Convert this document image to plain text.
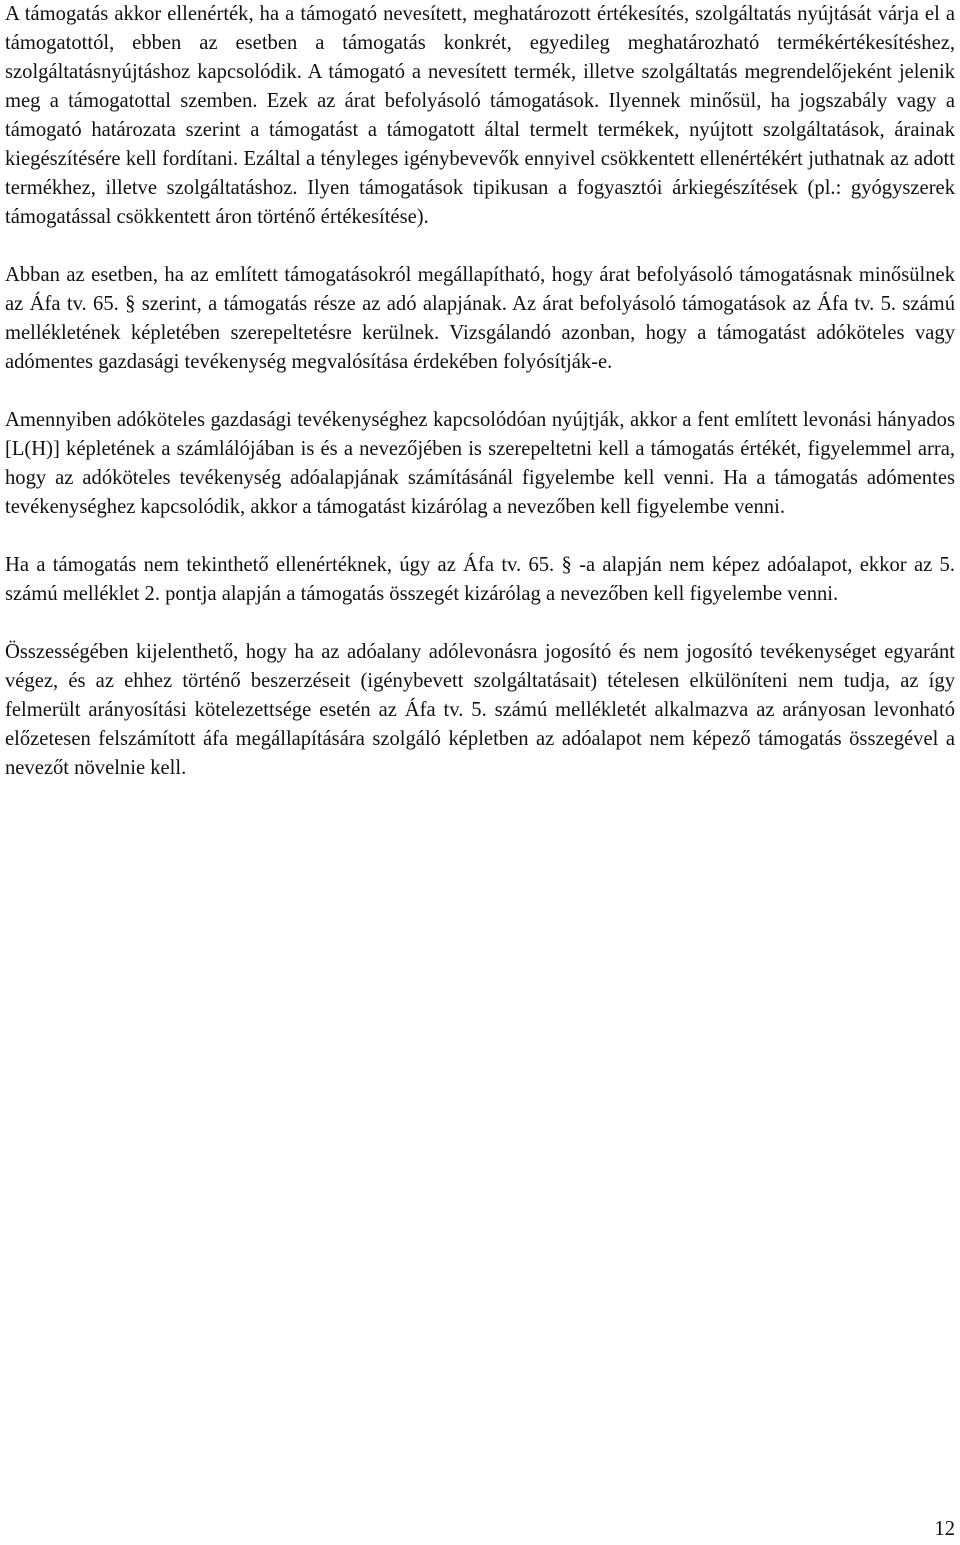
A támogatás akkor ellenérték, ha a támogató nevesített, meghatározott értékesítés, szolgáltatás nyújtását várja el a támogatottól, ebben az esetben a támogatás konkrét, egyedileg meghatározható termékértékesítéshez, szolgáltatásnyújtáshoz kapcsolódik. A támogató a nevesített termék, illetve szolgáltatás megrendelőjeként jelenik meg a támogatottal szemben. Ezek az árat befolyásoló támogatások. Ilyennek minősül, ha jogszabály vagy a támogató határozata szerint a támogatást a támogatott által termelt termékek, nyújtott szolgáltatások, árainak kiegészítésére kell fordítani. Ezáltal a tényleges igénybevevők ennyivel csökkentett ellenértékért juthatnak az adott termékhez, illetve szolgáltatáshoz. Ilyen támogatások tipikusan a fogyasztói árkiegészítések (pl.: gyógyszerek támogatással csökkentett áron történő értékesítése).

Abban az esetben, ha az említett támogatásokról megállapítható, hogy árat befolyásoló támogatásnak minősülnek az Áfa tv. 65. § szerint, a támogatás része az adó alapjának. Az árat befolyásoló támogatások az Áfa tv. 5. számú mellékletének képletében szerepeltetésre kerülnek. Vizsgálandó azonban, hogy a támogatást adóköteles vagy adómentes gazdasági tevékenység megvalósítása érdekében folyósítják-e.

Amennyiben adóköteles gazdasági tevékenységhez kapcsolódóan nyújtják, akkor a fent említett levonási hányados [L(H)] képletének a számlálójában is és a nevezőjében is szerepeltetni kell a támogatás értékét, figyelemmel arra, hogy az adóköteles tevékenység adóalapjának számításánál figyelembe kell venni. Ha a támogatás adómentes tevékenységhez kapcsolódik, akkor a támogatást kizárólag a nevezőben kell figyelembe venni.

Ha a támogatás nem tekinthető ellenértéknek, úgy az Áfa tv. 65. § -a alapján nem képez adóalapot, ekkor az 5. számú melléklet 2. pontja alapján a támogatás összegét kizárólag a nevezőben kell figyelembe venni.

Összességében kijelenthető, hogy ha az adóalany adólevonásra jogosító és nem jogosító tevékenységet egyaránt végez, és az ehhez történő beszerzéseit (igénybevett szolgáltatásait) tételesen elkülöníteni nem tudja, az így felmerült arányosítási kötelezettsége esetén az Áfa tv. 5. számú mellékletét alkalmazva az arányosan levonható előzetesen felszámított áfa megállapítására szolgáló képletben az adóalapot nem képező támogatás összegével a nevezőt növelnie kell.

12
